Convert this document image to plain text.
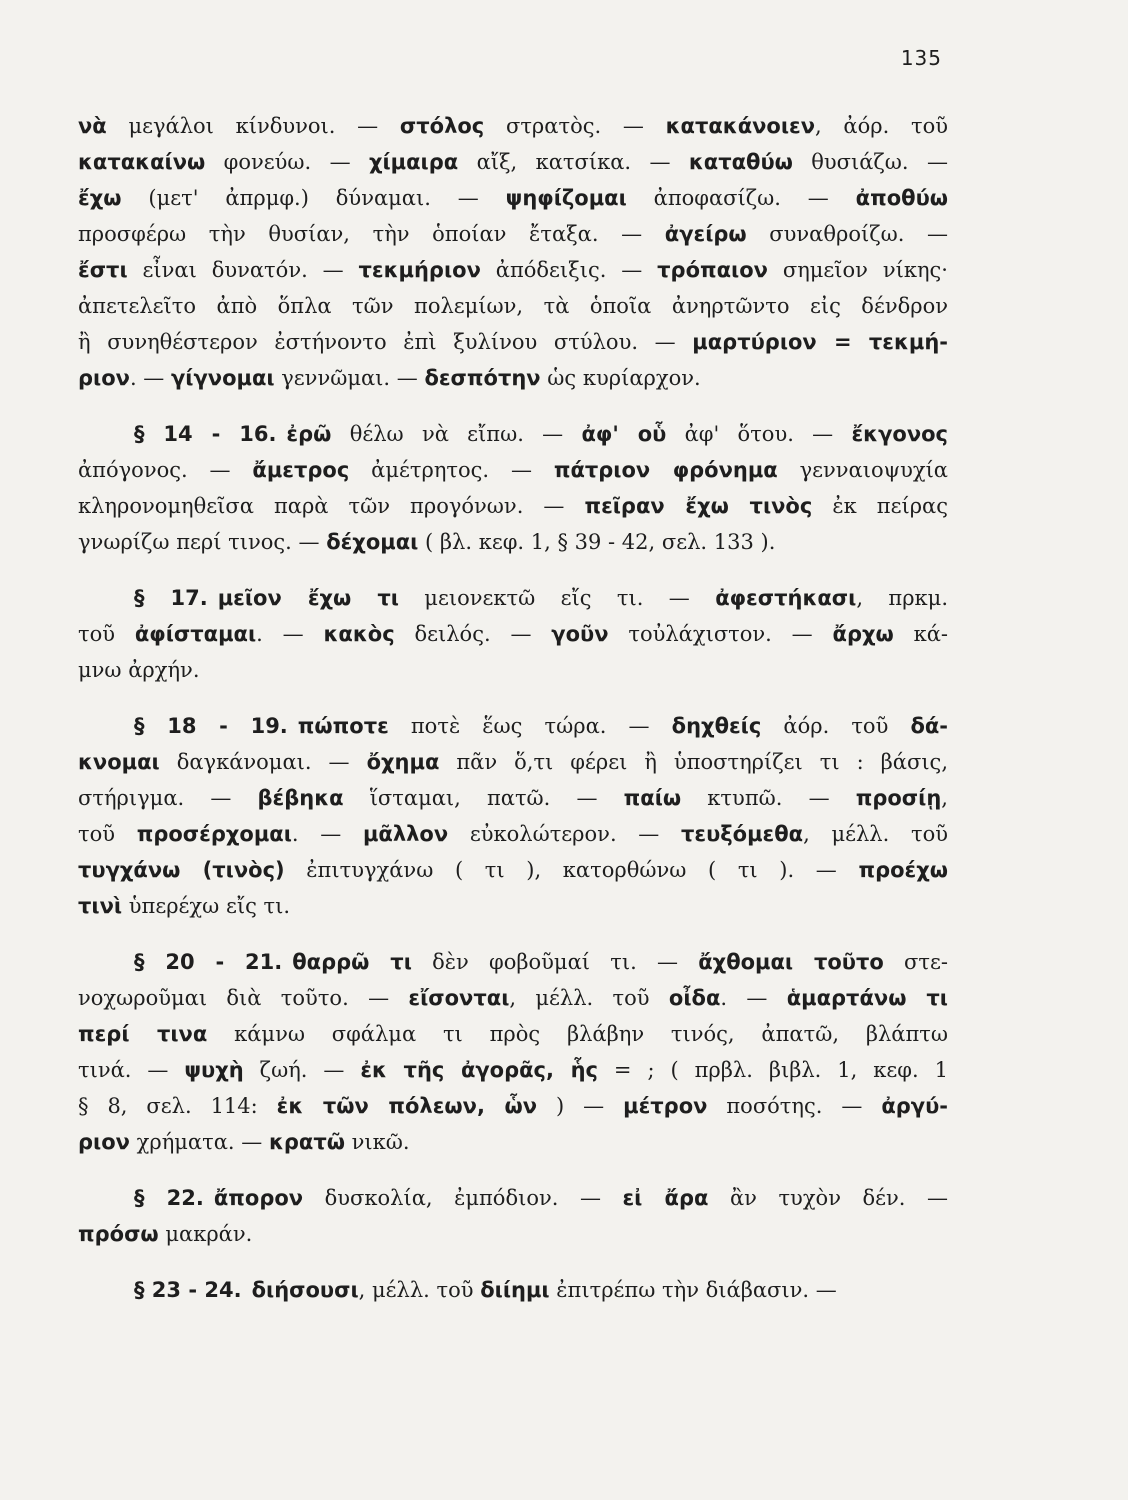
135
νὰ μεγάλοι κίνδυνοι. — στόλος στρατὸς. — κατακάνοιεν, ἀόρ. τοῦ
κατακαίνω φονεύω. — χίμαιρα αἴξ, κατσίκα. — καταθύω θυσιάζω. —
ἔχω (μετ' ἀπρμφ.) δύναμαι. — ψηφίζομαι ἀποφασίζω. — ἀποθύω
προσφέρω τὴν θυσίαν, τὴν ὁποίαν ἔταξα. — ἀγείρω συναθροίζω. —
ἔστι εἶναι δυνατόν. — τεκμήριον ἀπόδειξις. — τρόπαιον σημεῖον νίκης·
ἀπετελεῖτο ἀπὸ ὅπλα τῶν πολεμίων, τὰ ὁποῖα ἀνηρτῶντο εἰς δένδρον
ἢ συνηθέστερον ἐστήνοντο ἐπὶ ξυλίνου στύλου. — μαρτύριον = τεκμή-
ριον. — γίγνομαι γεννῶμαι. — δεσπότην ὡς κυρίαρχον.
§ 14 - 16. ἐρῶ θέλω νὰ εἴπω. — ἀφ' οὗ ἀφ' ὅτου. — ἔκγονος
ἀπόγονος. — ἄμετρος ἀμέτρητος. — πάτριον φρόνημα γενναιοψυχία
κληρονομηθεῖσα παρὰ τῶν προγόνων. — πεῖραν ἔχω τινὸς ἐκ πείρας
γνωρίζω περί τινος. — δέχομαι ( βλ. κεφ. 1, § 39 - 42, σελ. 133 ).
§ 17. μεῖον ἔχω τι μειονεκτῶ εἴς τι. — ἀφεστήκασι, πρκμ.
τοῦ ἀφίσταμαι. — κακὸς δειλός. — γοῦν τοὐλάχιστον. — ἄρχω κά-
μνω ἀρχήν.
§ 18 - 19. πώποτε ποτὲ ἕως τώρα. — δηχθείς ἀόρ. τοῦ δά-
κνομαι δαγκάνομαι. — ὄχημα πᾶν ὅ,τι φέρει ἢ ὑποστηρίζει τι : βάσις,
στήριγμα. — βέβηκα ἵσταμαι, πατῶ. — παίω κτυπῶ. — προσίῃ,
τοῦ προσέρχομαι. — μᾶλλον εὐκολώτερον. — τευξόμεθα, μέλλ. τοῦ
τυγχάνω (τινὸς) ἐπιτυγχάνω ( τι ), κατορθώνω ( τι ). — προέχω
τινὶ ὑπερέχω εἴς τι.
§ 20 - 21. θαρρῶ τι δὲν φοβοῦμαί τι. — ἄχθομαι τοῦτο στε-
νοχωροῦμαι διὰ τοῦτο. — εἴσονται, μέλλ. τοῦ οἶδα. — ἁμαρτάνω τι
περί τινα κάμνω σφάλμα τι πρὸς βλάβην τινός, ἀπατῶ, βλάπτω
τινά. — ψυχὴ ζωή. — ἐκ τῆς ἀγορᾶς, ἧς = ; ( πρβλ. βιβλ. 1, κεφ. 1
§ 8, σελ. 114: ἐκ τῶν πόλεων, ὧν ) — μέτρον ποσότης. — ἀργύ-
ριον χρήματα. — κρατῶ νικῶ.
§ 22. ἄπορον δυσκολία, ἐμπόδιον. — εἰ ἄρα ἂν τυχὸν δέν. —
πρόσω μακράν.
§ 23 - 24. διήσουσι, μέλλ. τοῦ διίημι ἐπιτρέπω τὴν διάβασιν. —
